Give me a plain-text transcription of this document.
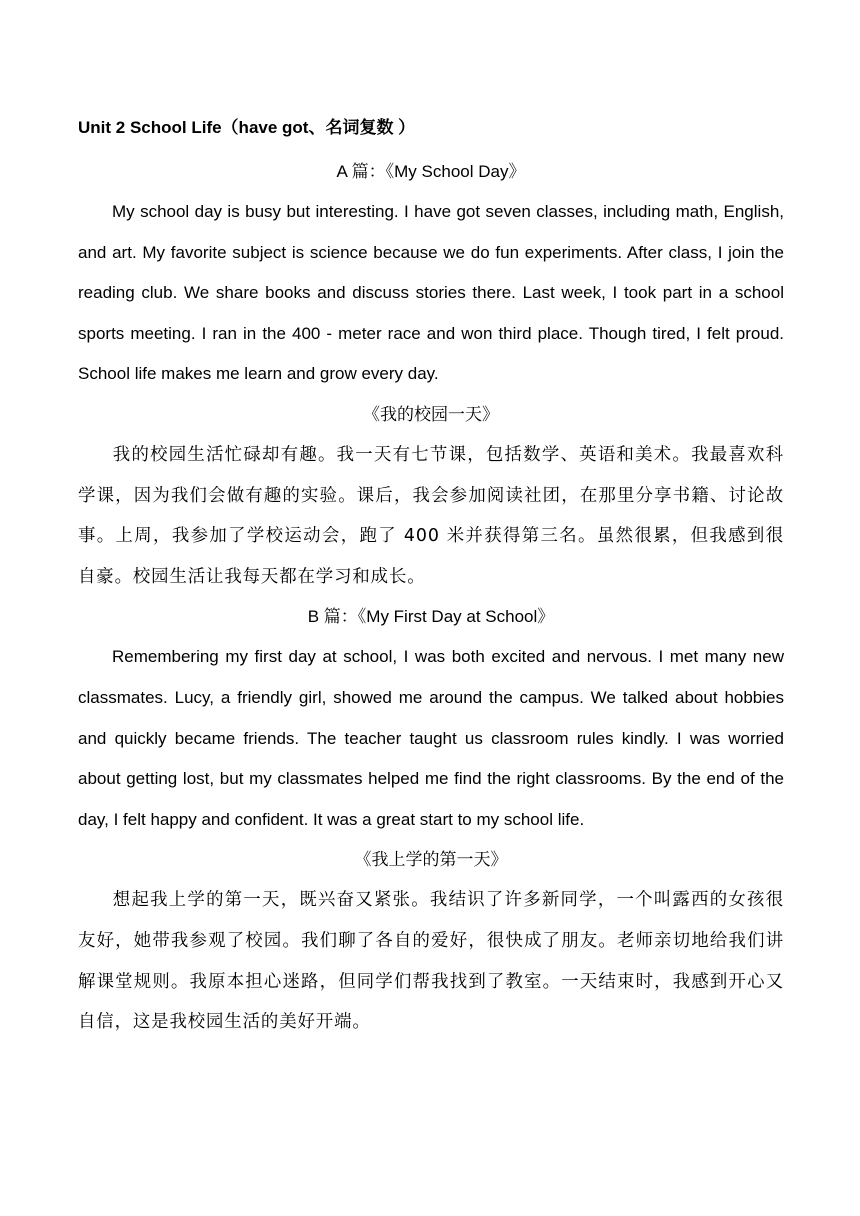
Unit 2 School Life（have got、名词复数 ）
A 篇：《My School Day》

My school day is busy but interesting. I have got seven classes, including math, English, and art. My favorite subject is science because we do fun experiments. After class, I join the reading club. We share books and discuss stories there. Last week, I took part in a school sports meeting. I ran in the 400 - meter race and won third place. Though tired, I felt proud. School life makes me learn and grow every day.

《我的校园一天》

我的校园生活忙碌却有趣。我一天有七节课，包括数学、英语和美术。我最喜欢科学课，因为我们会做有趣的实验。课后，我会参加阅读社团，在那里分享书籍、讨论故事。上周，我参加了学校运动会，跑了 400 米并获得第三名。虽然很累，但我感到很自豪。校园生活让我每天都在学习和成长。

B 篇：《My First Day at School》

Remembering my first day at school, I was both excited and nervous. I met many new classmates. Lucy, a friendly girl, showed me around the campus. We talked about hobbies and quickly became friends. The teacher taught us classroom rules kindly. I was worried about getting lost, but my classmates helped me find the right classrooms. By the end of the day, I felt happy and confident. It was a great start to my school life.

《我上学的第一天》

想起我上学的第一天，既兴奋又紧张。我结识了许多新同学，一个叫露西的女孩很友好，她带我参观了校园。我们聊了各自的爱好，很快成了朋友。老师亲切地给我们讲解课堂规则。我原本担心迷路，但同学们帮我找到了教室。一天结束时，我感到开心又自信，这是我校园生活的美好开端。
